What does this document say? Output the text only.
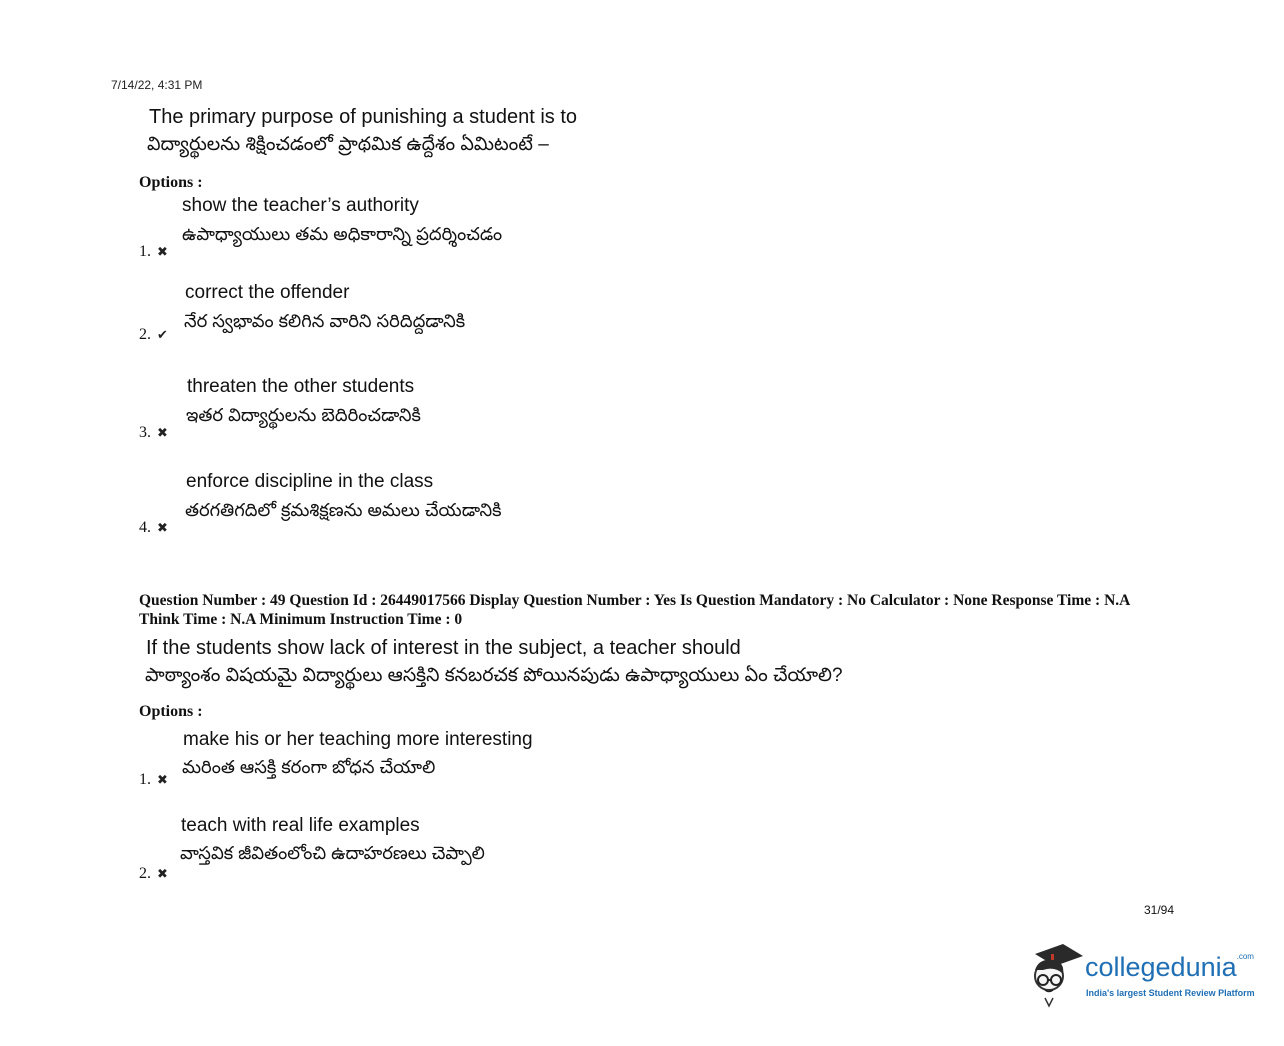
7/14/22, 4:31 PM
The primary purpose of punishing a student is to
విద్యార్థులను శిక్షించడంలో ప్రాథమిక ఉద్దేశం ఏమిటంటే –
Options :
show the teacher’s authority
ఉపాధ్యాయులు తమ అధికారాన్ని ప్రదర్శించడం
1. ✖
correct the offender
నేర స్వభావం కలిగిన వారిని సరిదిద్దడానికి
2. ✔
threaten the other students
ఇతర విద్యార్థులను బెదిరించడానికి
3. ✖
enforce discipline in the class
తరగతిగదిలో క్రమశిక్షణను అమలు చేయడానికి
4. ✖
Question Number : 49 Question Id : 26449017566 Display Question Number : Yes Is Question Mandatory : No Calculator : None Response Time : N.A Think Time : N.A Minimum Instruction Time : 0
If the students show lack of interest in the subject, a teacher should
పాఠ్యాంశం విషయమై విద్యార్థులు ఆసక్తిని కనబరచక పోయినపుడు ఉపాధ్యాయులు ఏం చేయాలి?
Options :
make his or her teaching more interesting
మరింత ఆసక్తి కరంగా బోధన చేయాలి
1. ✖
teach with real life examples
వాస్తవిక జీవితంలోంచి ఉదాహరణలు చెప్పాలి
2. ✖
31/94
collegedunia$^{.com}$
India's largest Student Review Platform
